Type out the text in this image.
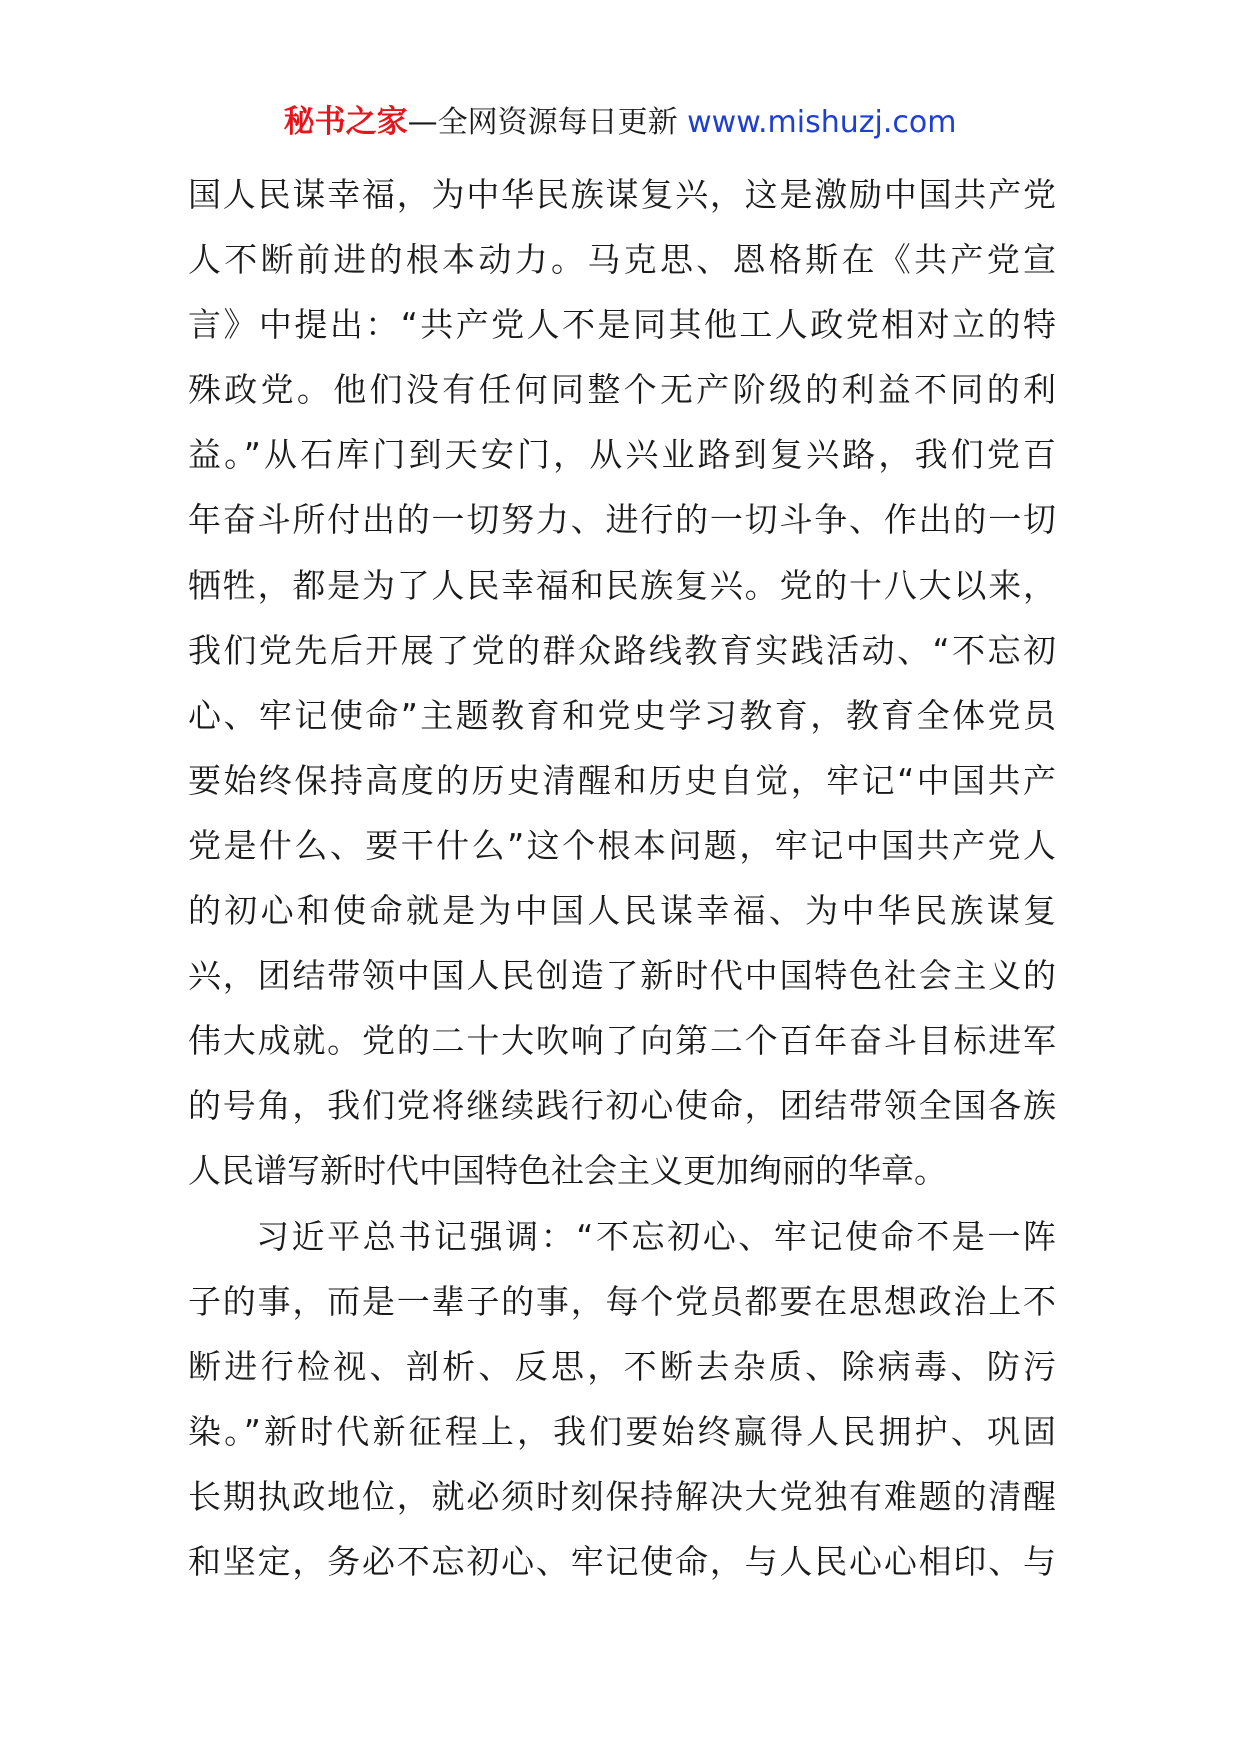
秘书之家—全网资源每日更新 www.mishuzj.com
国人民谋幸福，为中华民族谋复兴，这是激励中国共产党
人不断前进的根本动力。马克思、恩格斯在《共产党宣
言》中提出：“共产党人不是同其他工人政党相对立的特
殊政党。他们没有任何同整个无产阶级的利益不同的利
益。”从石库门到天安门，从兴业路到复兴路，我们党百
年奋斗所付出的一切努力、进行的一切斗争、作出的一切
牺牲，都是为了人民幸福和民族复兴。党的十八大以来，
我们党先后开展了党的群众路线教育实践活动、“不忘初
心、牢记使命”主题教育和党史学习教育，教育全体党员
要始终保持高度的历史清醒和历史自觉，牢记“中国共产
党是什么、要干什么”这个根本问题，牢记中国共产党人
的初心和使命就是为中国人民谋幸福、为中华民族谋复
兴，团结带领中国人民创造了新时代中国特色社会主义的
伟大成就。党的二十大吹响了向第二个百年奋斗目标进军
的号角，我们党将继续践行初心使命，团结带领全国各族
人民谱写新时代中国特色社会主义更加绚丽的华章。
习近平总书记强调：“不忘初心、牢记使命不是一阵
子的事，而是一辈子的事，每个党员都要在思想政治上不
断进行检视、剖析、反思，不断去杂质、除病毒、防污
染。”新时代新征程上，我们要始终赢得人民拥护、巩固
长期执政地位，就必须时刻保持解决大党独有难题的清醒
和坚定，务必不忘初心、牢记使命，与人民心心相印、与
